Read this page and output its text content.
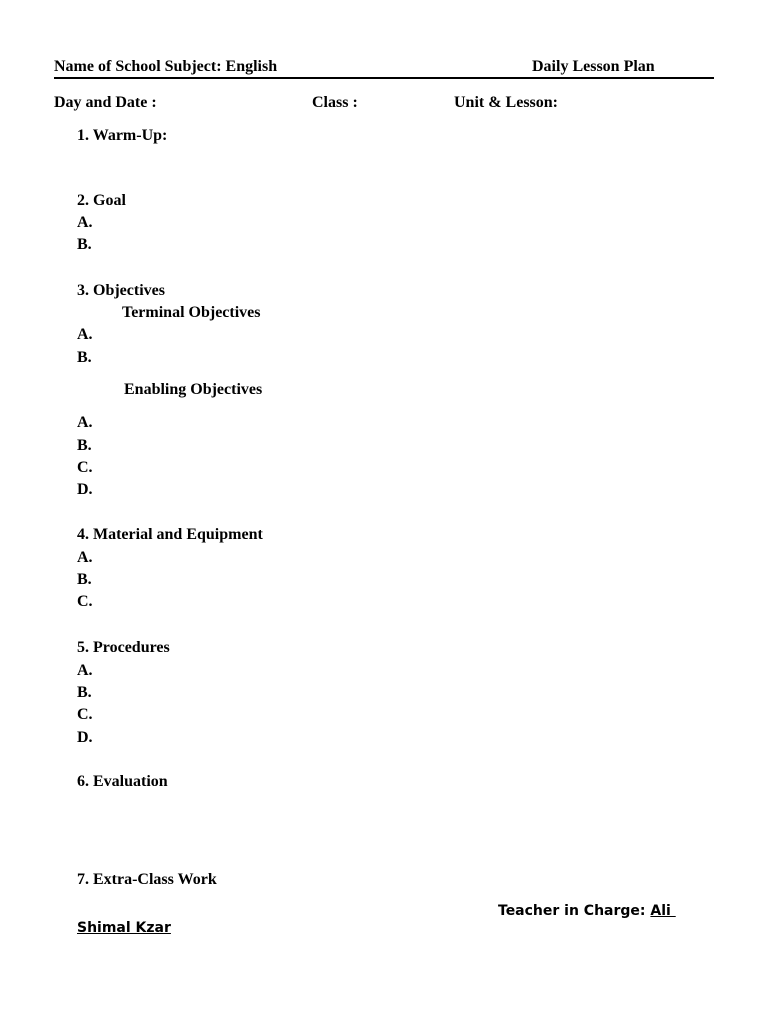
Name of School Subject: English	Daily Lesson Plan
Day and Date :	Class :	Unit & Lesson:
1. Warm-Up:
2. Goal
A.
B.
3. Objectives
Terminal Objectives
A.
B.
Enabling Objectives
A.
B.
C.
D.
4. Material and Equipment
A.
B.
C.
5. Procedures
A.
B.
C.
D.
6. Evaluation
7. Extra-Class Work
Teacher in Charge: Ali
Shimal Kzar
